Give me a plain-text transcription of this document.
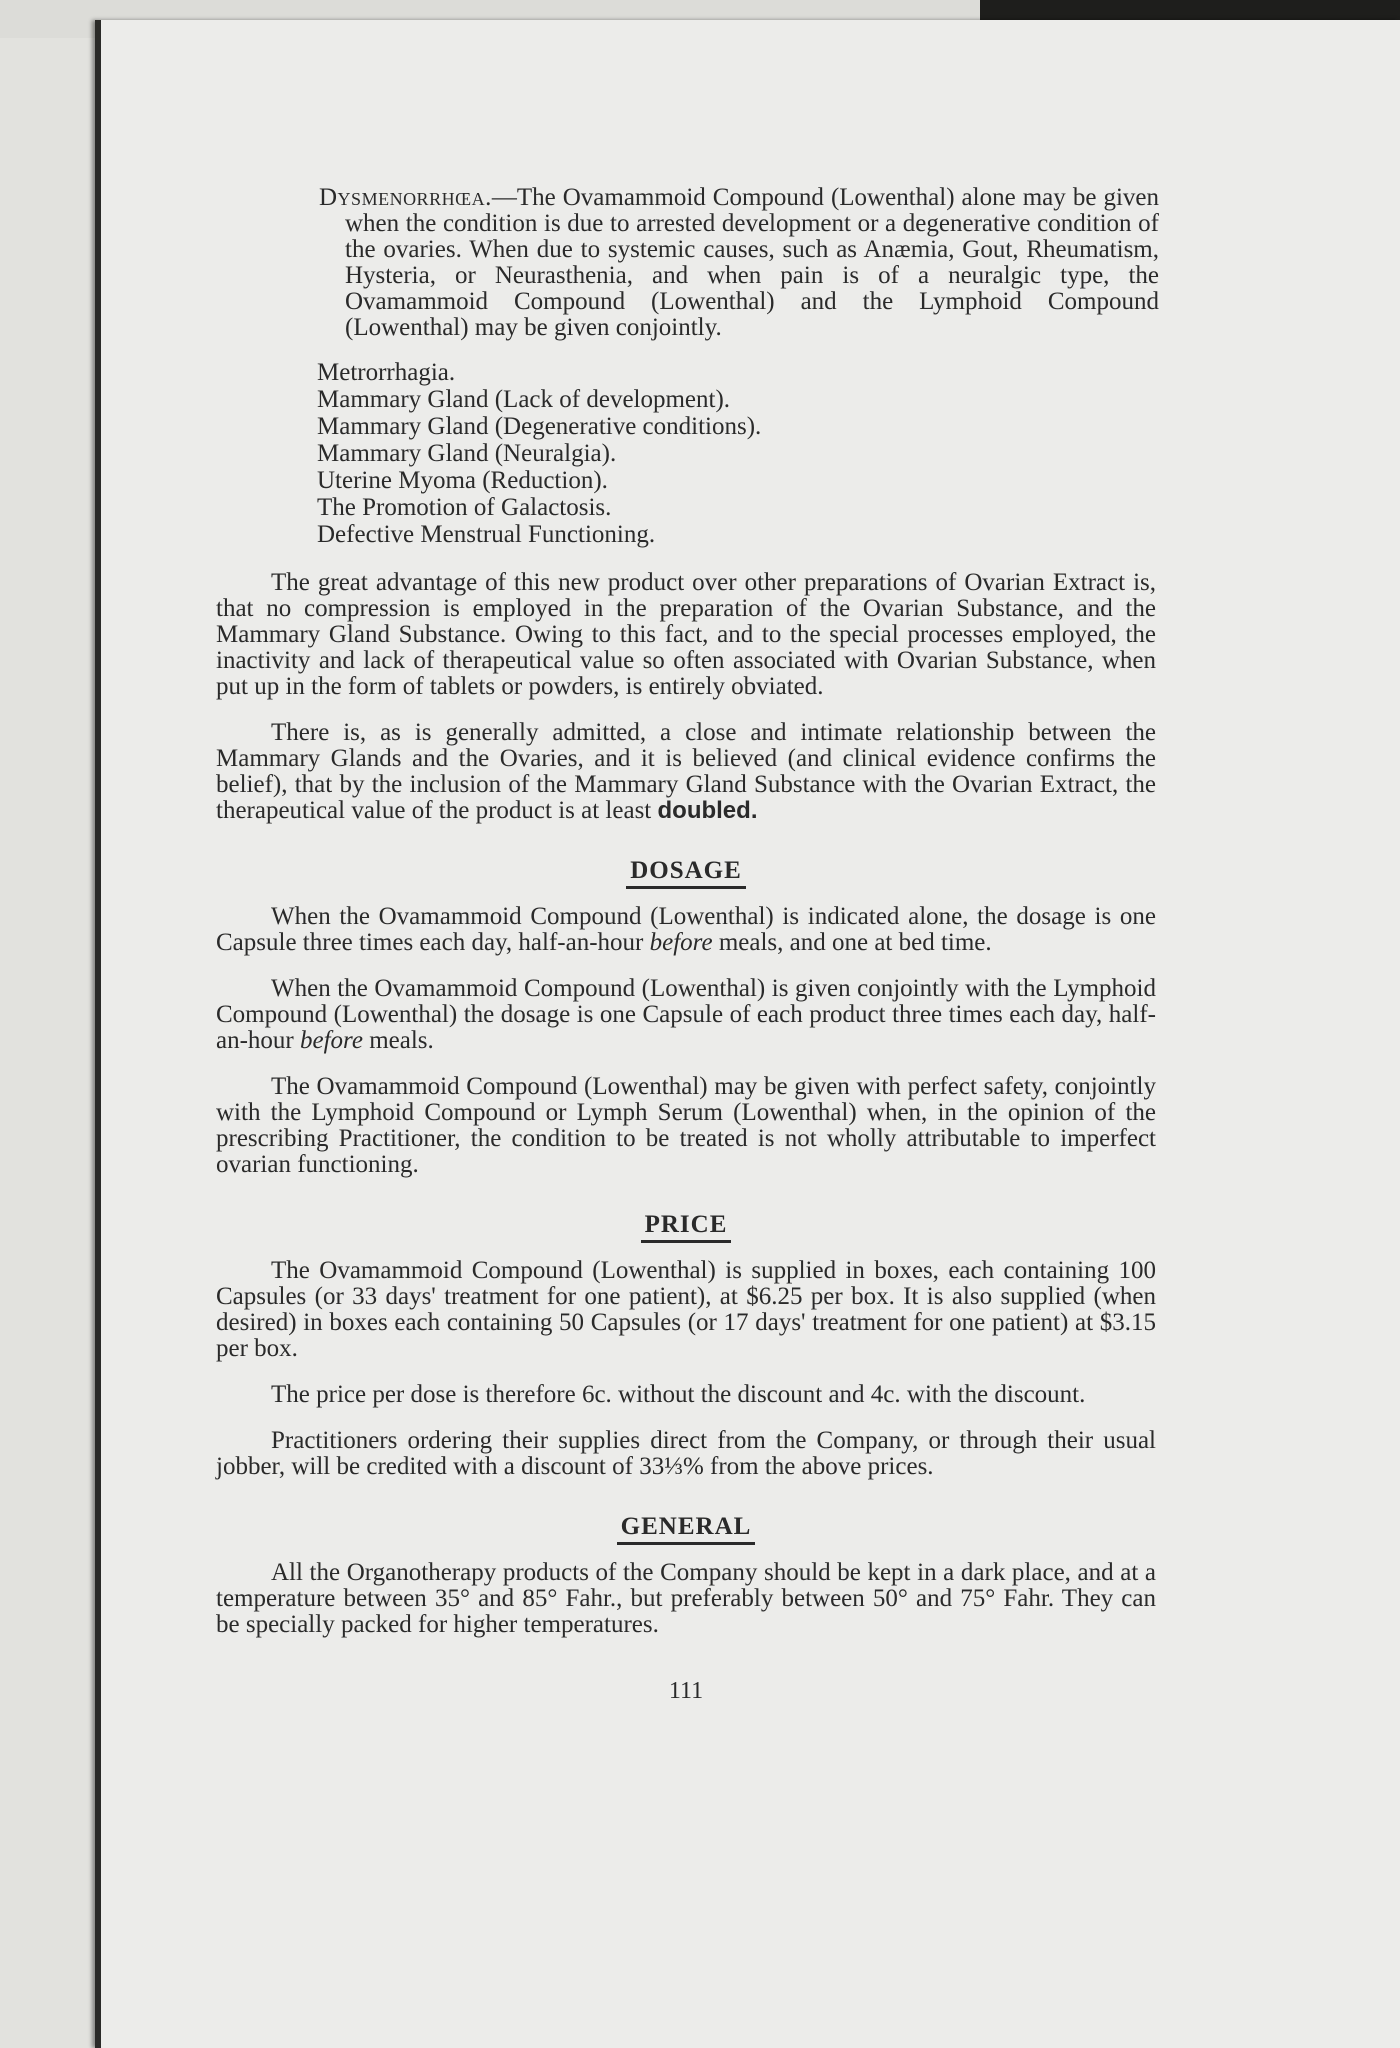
Dysmenorrhœa.—The Ovamammoid Compound (Lowenthal) alone may be given when the condition is due to arrested development or a degenerative condition of the ovaries. When due to systemic causes, such as Anæmia, Gout, Rheumatism, Hysteria, or Neurasthenia, and when pain is of a neuralgic type, the Ovamammoid Compound (Lowenthal) and the Lymphoid Compound (Lowenthal) may be given conjointly.

Metrorrhagia.
Mammary Gland (Lack of development).
Mammary Gland (Degenerative conditions).
Mammary Gland (Neuralgia).
Uterine Myoma (Reduction).
The Promotion of Galactosis.
Defective Menstrual Functioning.

The great advantage of this new product over other preparations of Ovarian Extract is, that no compression is employed in the preparation of the Ovarian Substance, and the Mammary Gland Substance. Owing to this fact, and to the special processes employed, the inactivity and lack of therapeutical value so often associated with Ovarian Substance, when put up in the form of tablets or powders, is entirely obviated.

There is, as is generally admitted, a close and intimate relationship between the Mammary Glands and the Ovaries, and it is believed (and clinical evidence confirms the belief), that by the inclusion of the Mammary Gland Substance with the Ovarian Extract, the therapeutical value of the product is at least doubled.

DOSAGE

When the Ovamammoid Compound (Lowenthal) is indicated alone, the dosage is one Capsule three times each day, half-an-hour before meals, and one at bed time.

When the Ovamammoid Compound (Lowenthal) is given conjointly with the Lymphoid Compound (Lowenthal) the dosage is one Capsule of each product three times each day, half-an-hour before meals.

The Ovamammoid Compound (Lowenthal) may be given with perfect safety, conjointly with the Lymphoid Compound or Lymph Serum (Lowenthal) when, in the opinion of the prescribing Practitioner, the condition to be treated is not wholly attributable to imperfect ovarian functioning.

PRICE

The Ovamammoid Compound (Lowenthal) is supplied in boxes, each containing 100 Capsules (or 33 days' treatment for one patient), at $6.25 per box. It is also supplied (when desired) in boxes each containing 50 Capsules (or 17 days' treatment for one patient) at $3.15 per box.

The price per dose is therefore 6c. without the discount and 4c. with the discount.

Practitioners ordering their supplies direct from the Company, or through their usual jobber, will be credited with a discount of 33⅓% from the above prices.

GENERAL

All the Organotherapy products of the Company should be kept in a dark place, and at a temperature between 35° and 85° Fahr., but preferably between 50° and 75° Fahr. They can be specially packed for higher temperatures.

111
